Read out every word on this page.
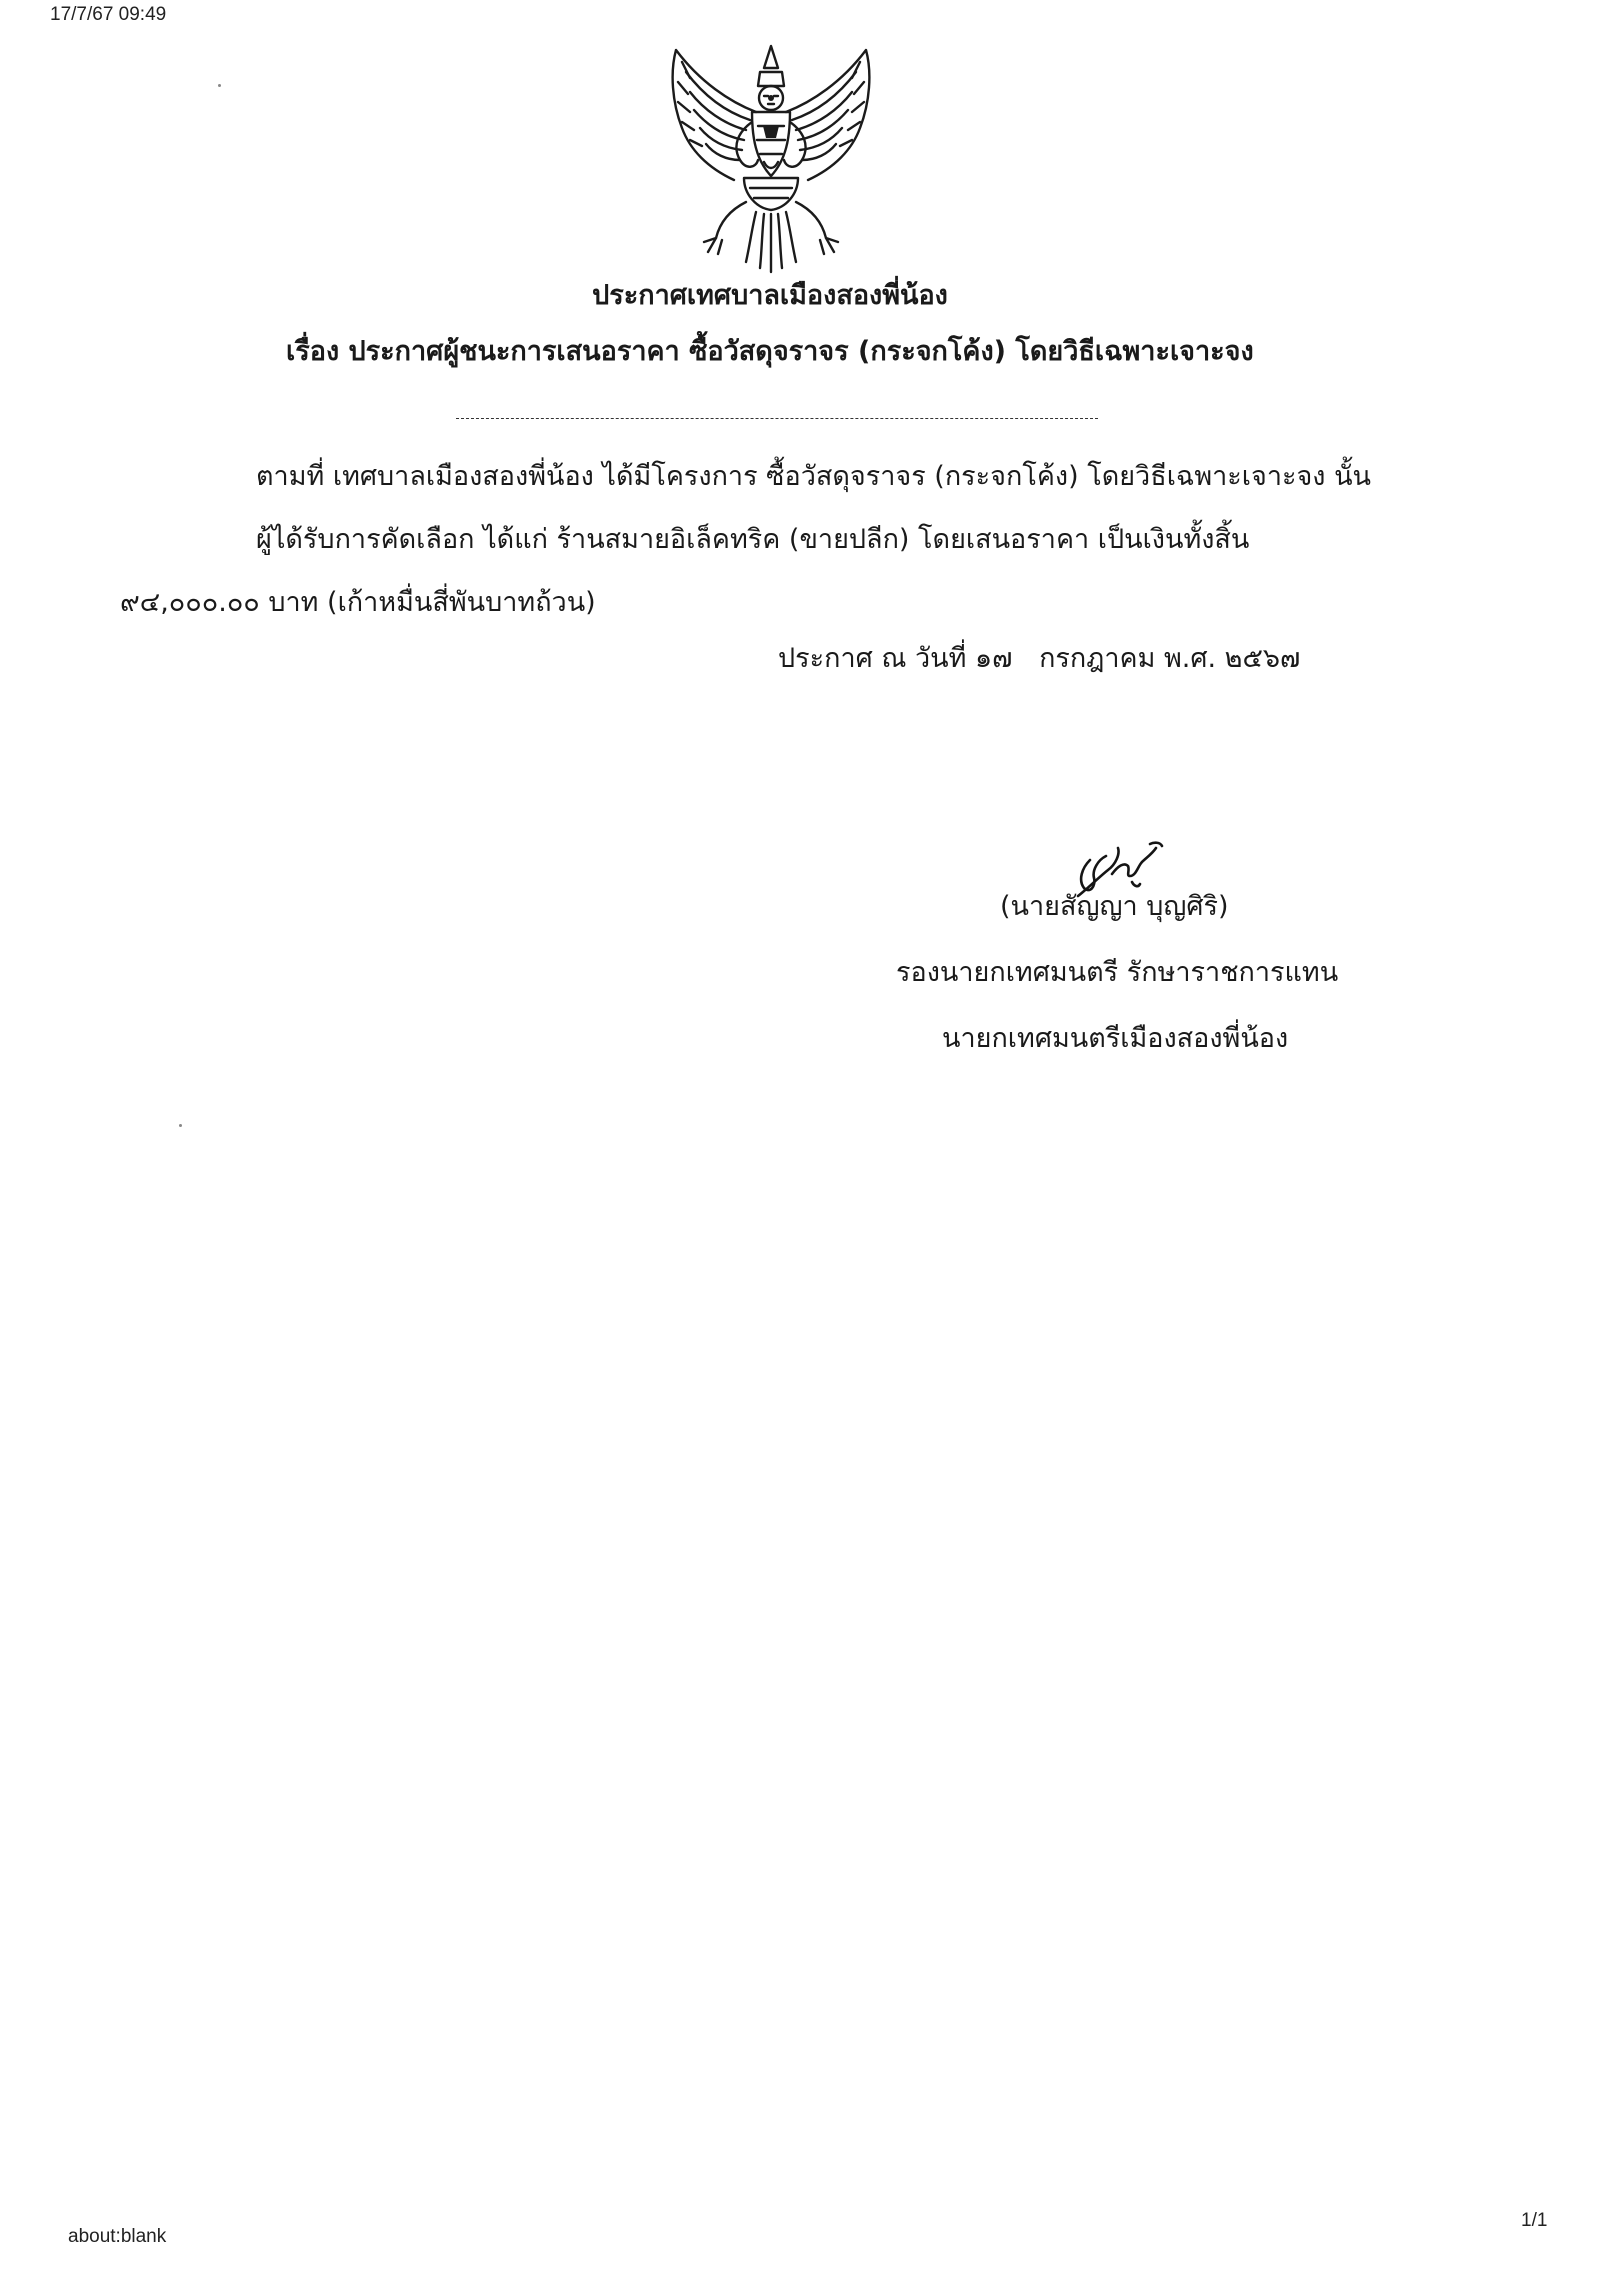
17/7/67 09:49
ประกาศเทศบาลเมืองสองพี่น้อง
เรื่อง ประกาศผู้ชนะการเสนอราคา ซื้อวัสดุจราจร (กระจกโค้ง) โดยวิธีเฉพาะเจาะจง
ตามที่ เทศบาลเมืองสองพี่น้อง ได้มีโครงการ ซื้อวัสดุจราจร (กระจกโค้ง) โดยวิธีเฉพาะเจาะจง นั้น
ผู้ได้รับการคัดเลือก ได้แก่ ร้านสมายอิเล็คทริค (ขายปลีก) โดยเสนอราคา เป็นเงินทั้งสิ้น
๙๔,๐๐๐.๐๐ บาท (เก้าหมื่นสี่พันบาทถ้วน)
ประกาศ ณ วันที่ ๑๗ กรกฎาคม พ.ศ. ๒๕๖๗
(นายสัญญา บุญศิริ)
รองนายกเทศมนตรี รักษาราชการแทน
นายกเทศมนตรีเมืองสองพี่น้อง
about:blank
1/1
